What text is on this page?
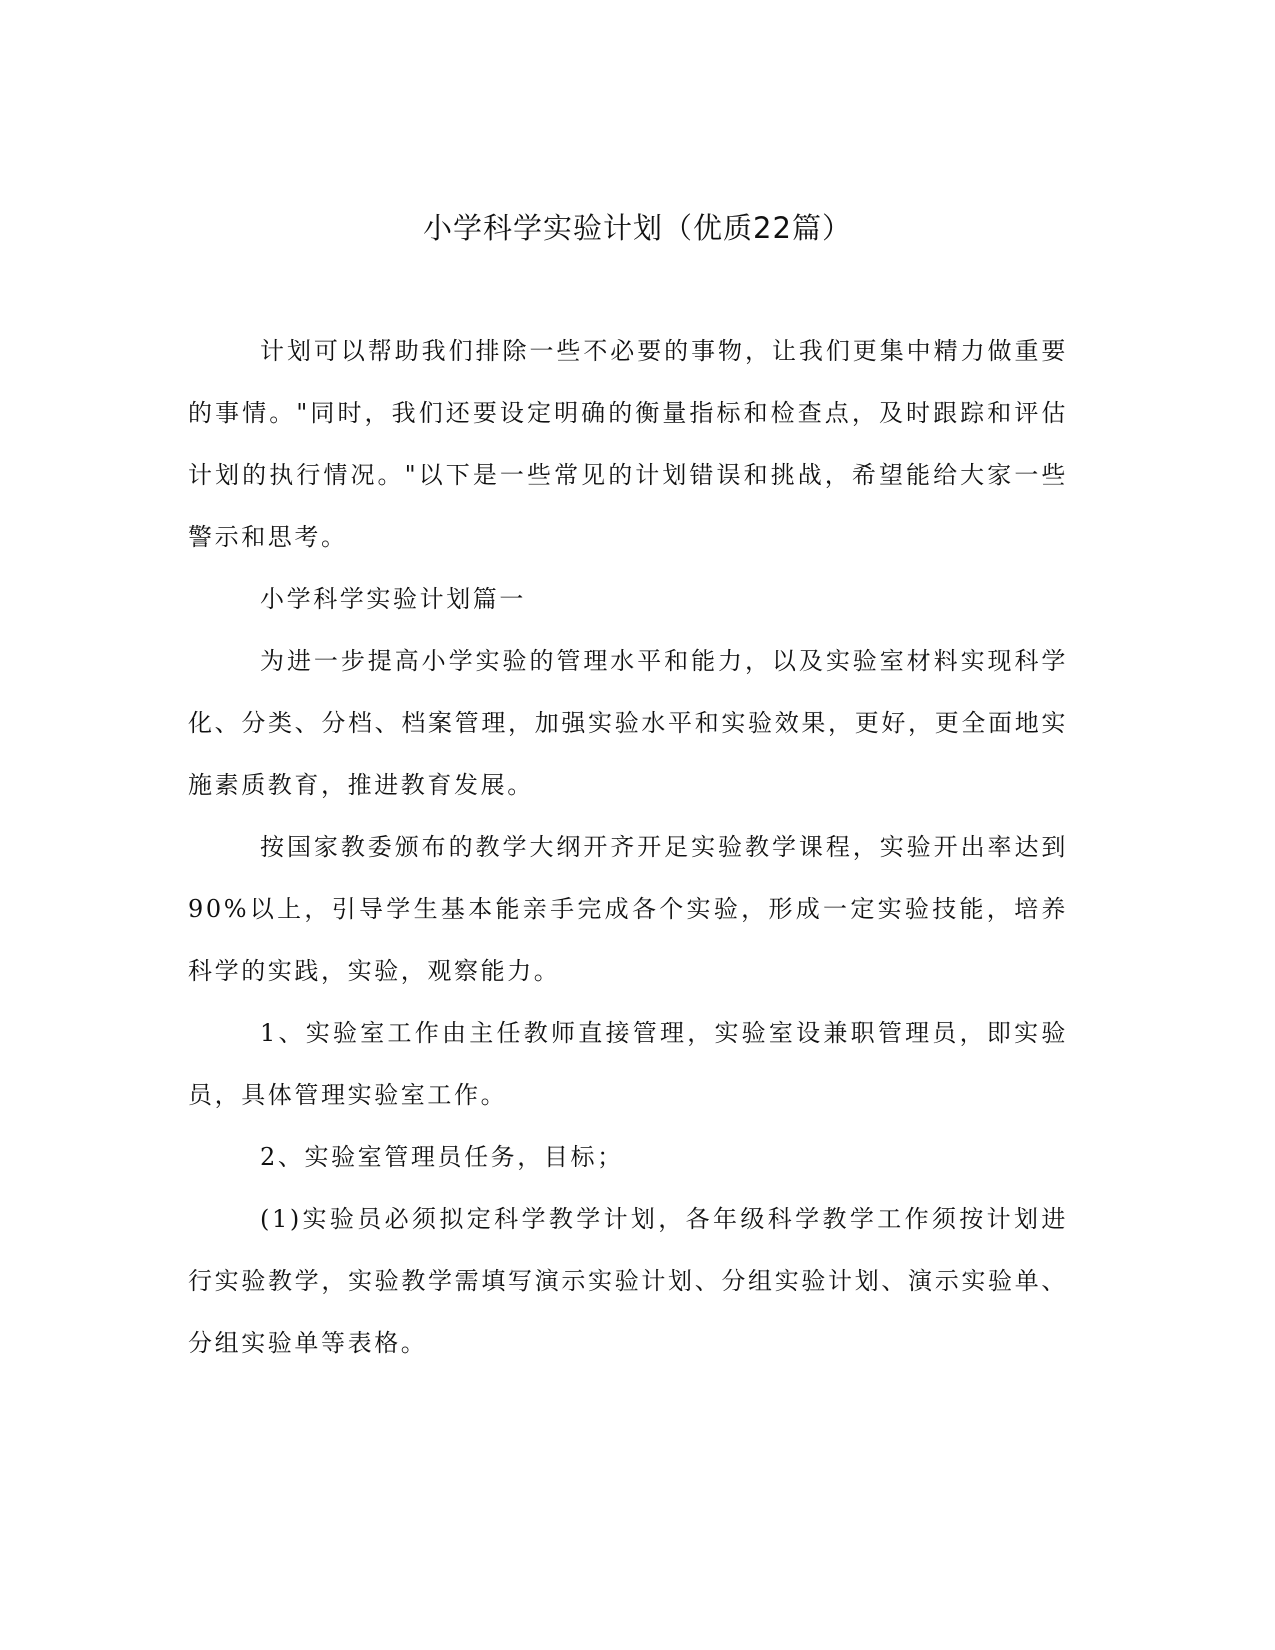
小学科学实验计划（优质22篇）

计划可以帮助我们排除一些不必要的事物，让我们更集中精力做重要的事情。"同时，我们还要设定明确的衡量指标和检查点，及时跟踪和评估计划的执行情况。"以下是一些常见的计划错误和挑战，希望能给大家一些警示和思考。

小学科学实验计划篇一

为进一步提高小学实验的管理水平和能力，以及实验室材料实现科学化、分类、分档、档案管理，加强实验水平和实验效果，更好，更全面地实施素质教育，推进教育发展。

按国家教委颁布的教学大纲开齐开足实验教学课程，实验开出率达到90%以上，引导学生基本能亲手完成各个实验，形成一定实验技能，培养科学的实践，实验，观察能力。

1、实验室工作由主任教师直接管理，实验室设兼职管理员，即实验员，具体管理实验室工作。

2、实验室管理员任务，目标；

(1)实验员必须拟定科学教学计划，各年级科学教学工作须按计划进行实验教学，实验教学需填写演示实验计划、分组实验计划、演示实验单、分组实验单等表格。
